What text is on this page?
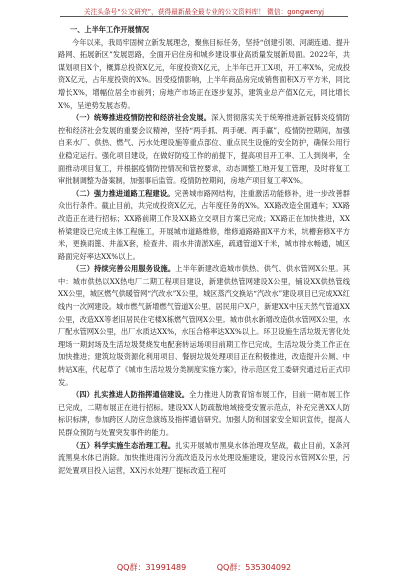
关注头条号“公文研究”，获得最新最全最专业的公文资料库！ 微信：gongwenyj

一、上半年工作开展情况

今年以来，我局牢固树立新发展理念，聚焦目标任务，坚持“创建引领、河湖连通、提升路网、拓展新区”发展思路，全面开启住房和城乡建设事业高质量发展新局面。2022年，共谋划项目X个，概算总投资X亿元，年度投资X亿元，上半年已开工X项，开工率X%，完成投资X亿元，占年度投资的X%。因受疫情影响，上半年商品房完成销售面积X万平方米，同比增长X%，增幅位居全市前列；房地产市场正在逐步复苏，建筑业总产值X亿元，同比增长X%，呈逆势发展态势。

（一）统筹推进疫情防控和经济社会发展。深入贯彻落实关于统筹推进新冠肺炎疫情防控和经济社会发展的重要会议精神，坚持“两手抓、两手硬、两手赢”，疫情防控期间，加强自来水厂、供热、燃气、污水处理设施等重点部位、重点民生设施的安全防护，确保公用行业稳定运行。强化项目建设，在做好防疫工作的前提下，提高项目开工率、工人到岗率，全面推动项目复工，并根据疫情防控情况和管控要求，动态调整工地开复工管理，及时将复工审批制调整为备案制，加强事后监管。疫情防控期间，房地产项目复工率X%。

（二）强力推进道路工程建设。完善城市路网结构，注重激活功能修补，进一步改善群众出行条件。截止目前，共完成投资X亿元，占年度任务的X%。XX路改造全面通车；XX路改造正在进行招标；XX路前期工作及XX路立交项目方案已完成；XX路正在加快推进，XX桥梁建设已完成主体工程施工，开展城市道路维修，维修道路路面X平方米，坑槽套修X平方米，更换雨篦、井盖X套，检查井、雨水井清淤X座，疏通管道X千米，城市排水畅通，城区路面完好率达XX%以上。

（三）持续完善公用服务设施。上半年新建改造城市供热、供气、供水管网X公里。其中：城市供热以XX热电厂二期工程项目建设，新建供热管网建设X公里，铺设XX供热管线XX公里，城区燃气供暖管网“汽改水”X公里，城区蒸汽交换站“汽改水”建设项目已完成XX红线内一次网建设。城市燃气新增燃气管道X公里、居民用户X户，新建XX中压天然气管道XX公里，改造XX等老旧居民住宅楼X栋燃气管网X公里。城市供水新增改造供水管网X公里，水厂配水管网X公里，出厂水质达XX%，水压合格率达XX%以上。环卫设施生活垃圾无害化处理场一期封场及生活垃圾焚烧发电配套转运场项目前期工作已完成，生活垃圾分类工作正在加快推进；建筑垃圾资源化利用项目、餐厨垃圾处理项目正在积极推进，改造提升公厕、中转站X座，代起草了《城市生活垃圾分类制度实施方案》，待示范区党工委研究通过后正式印发。

（四）扎实推进人防指挥通信建设。全力推进人防教育馆布展工作，目前一期布展工作已完成，二期布展正在进行招标。建设XX人防疏散地域接受安置示范点，补充完善XX人防标识标牌，参加跨区人防应急演练及指挥通信研究。加强人防和国家安全知识宣传，提高人民群众预防与处置突发事件的能力。

（五）科学实施生态治理工程。扎实开展城市黑臭水体治理攻坚战，截止目前，X条河流黑臭水体已消除。加快推进雨污分流改造及污水处理设施建设，建设污水管网X公里，污泥处置项目投入运营，XX污水处理厂提标改造工程可

QQ群：31991489	QQ群：535304092
